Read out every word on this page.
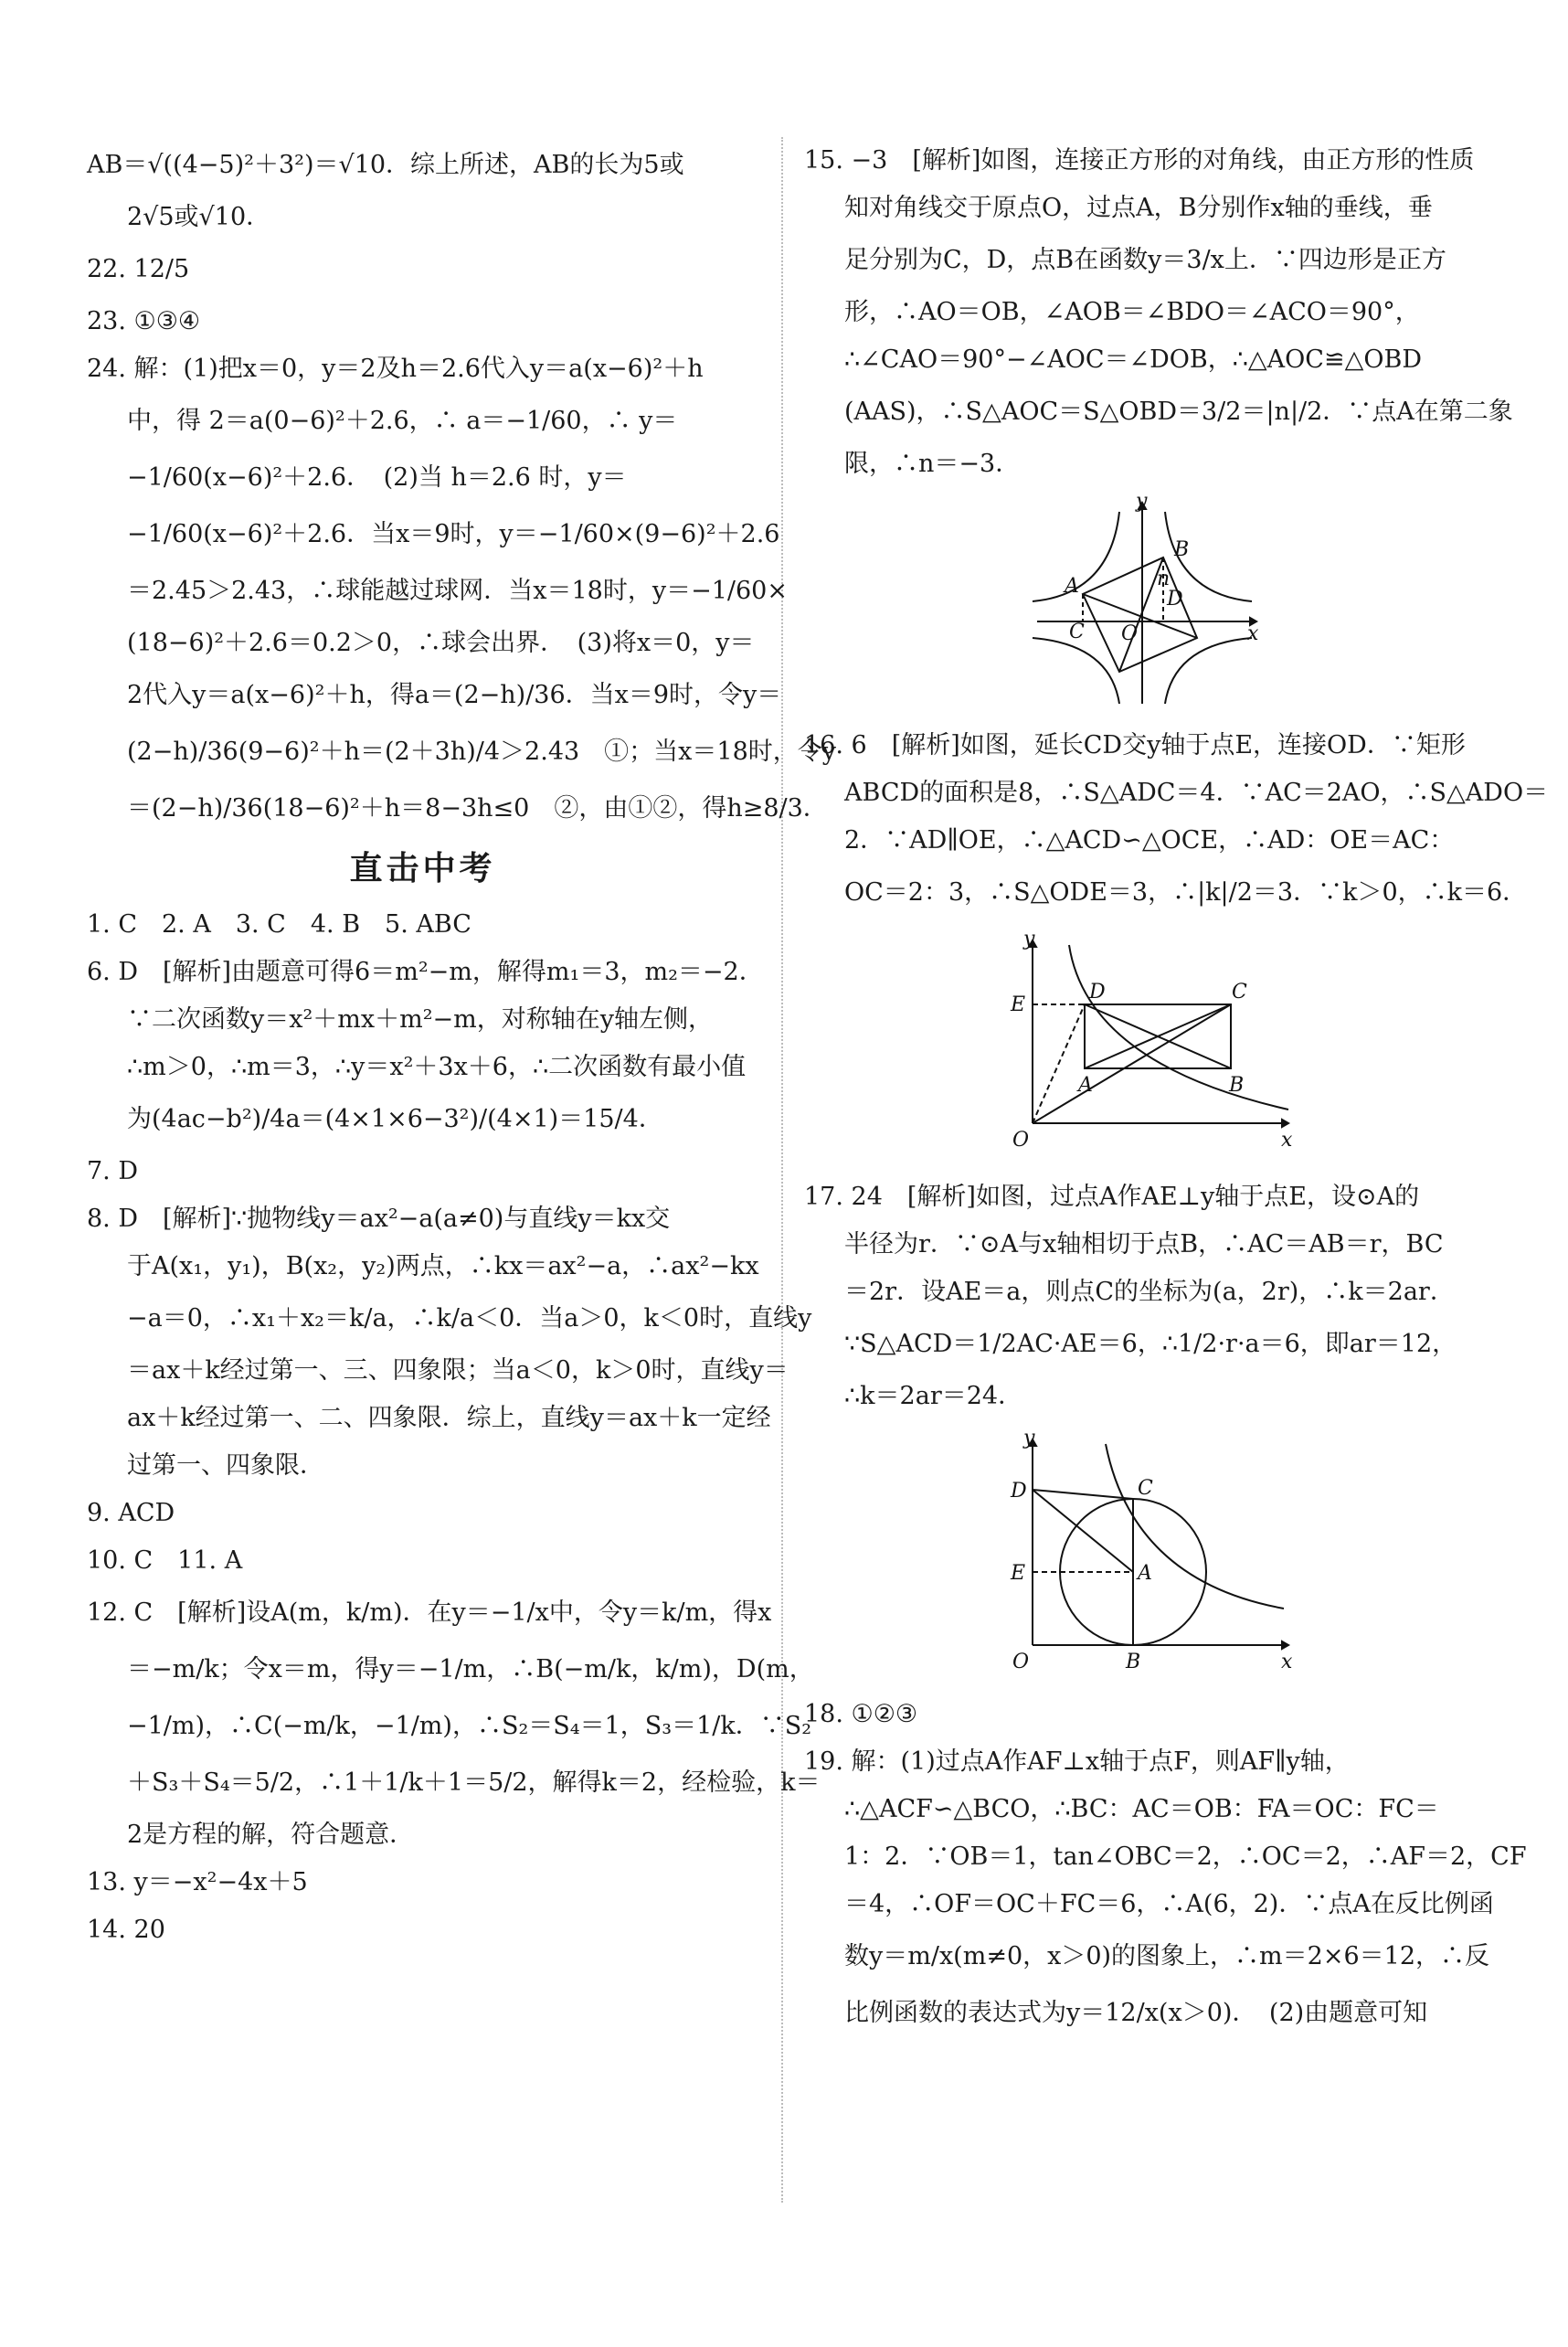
AB＝√((4−5)²＋3²)＝√10．综上所述，AB的长为5或
2√5或√10．
22. 12/5
23. ①③④
24. 解：(1)把x＝0，y＝2及h＝2.6代入y＝a(x−6)²＋h
中，得 2＝a(0−6)²＋2.6，∴ a＝−1/60，∴ y＝
−1/60(x−6)²＋2.6．　(2)当 h＝2.6 时，y＝
−1/60(x−6)²＋2.6．当x＝9时，y＝−1/60×(9−6)²＋2.6
＝2.45＞2.43，∴球能越过球网．当x＝18时，y＝−1/60×
(18−6)²＋2.6＝0.2＞0，∴球会出界．　(3)将x＝0，y＝
2代入y＝a(x−6)²＋h，得a＝(2−h)/36．当x＝9时，令y＝
(2−h)/36(9−6)²＋h＝(2＋3h)/4＞2.43　①；当x＝18时，令y
＝(2−h)/36(18−6)²＋h＝8−3h≤0　②，由①②，得h≥8/3．
直击中考
1. C　2. A　3. C　4. B　5. ABC
6. D　[解析]由题意可得6＝m²−m，解得m₁＝3，m₂＝−2．
∵二次函数y＝x²＋mx＋m²−m，对称轴在y轴左侧，
∴m＞0，∴m＝3，∴y＝x²＋3x＋6，∴二次函数有最小值
为(4ac−b²)/4a＝(4×1×6−3²)/(4×1)＝15/4．
7. D
8. D　[解析]∵抛物线y＝ax²−a(a≠0)与直线y＝kx交
于A(x₁，y₁)，B(x₂，y₂)两点，∴kx＝ax²−a，∴ax²−kx
−a＝0，∴x₁＋x₂＝k/a，∴k/a＜0．当a＞0，k＜0时，直线y
＝ax＋k经过第一、三、四象限；当a＜0，k＞0时，直线y＝
ax＋k经过第一、二、四象限．综上，直线y＝ax＋k一定经
过第一、四象限．
9. ACD
10. C　11. A
12. C　[解析]设A(m，k/m)．在y＝−1/x中，令y＝k/m，得x
＝−m/k；令x＝m，得y＝−1/m，∴B(−m/k，k/m)，D(m，
−1/m)，∴C(−m/k，−1/m)，∴S₂＝S₄＝1，S₃＝1/k．∵S₂
＋S₃＋S₄＝5/2，∴1＋1/k＋1＝5/2，解得k＝2，经检验，k＝
2是方程的解，符合题意．
13. y＝−x²−4x＋5
14. 20
15. −3　[解析]如图，连接正方形的对角线，由正方形的性质
知对角线交于原点O，过点A，B分别作x轴的垂线，垂
足分别为C，D，点B在函数y＝3/x上．∵四边形是正方
形，∴AO＝OB，∠AOB＝∠BDO＝∠ACO＝90°，
∴∠CAO＝90°−∠AOC＝∠DOB，∴△AOC≌△OBD
(AAS)，∴S△AOC＝S△OBD＝3/2＝|n|/2．∵点A在第二象
限，∴n＝−3．
y
x
A
B
C
D
O
n
16. 6　[解析]如图，延长CD交y轴于点E，连接OD．∵矩形
ABCD的面积是8，∴S△ADC＝4．∵AC＝2AO，∴S△ADO＝
2．∵AD∥OE，∴△ACD∽△OCE，∴AD：OE＝AC：
OC＝2：3，∴S△ODE＝3，∴|k|/2＝3．∵k＞0，∴k＝6．
y
x
E
D	C
A	B
O
17. 24　[解析]如图，过点A作AE⊥y轴于点E，设⊙A的
半径为r．∵⊙A与x轴相切于点B，∴AC＝AB＝r，BC
＝2r．设AE＝a，则点C的坐标为(a，2r)，∴k＝2ar．
∵S△ACD＝1/2AC·AE＝6，∴1/2·r·a＝6，即ar＝12，
∴k＝2ar＝24．
y
x
D	C
E	A
B
O
18. ①②③
19. 解：(1)过点A作AF⊥x轴于点F，则AF∥y轴，
∴△ACF∽△BCO，∴BC：AC＝OB：FA＝OC：FC＝
1：2．∵OB＝1，tan∠OBC＝2，∴OC＝2，∴AF＝2，CF
＝4，∴OF＝OC＋FC＝6，∴A(6，2)．∵点A在反比例函
数y＝m/x(m≠0，x＞0)的图象上，∴m＝2×6＝12，∴反
比例函数的表达式为y＝12/x(x＞0)．　(2)由题意可知
